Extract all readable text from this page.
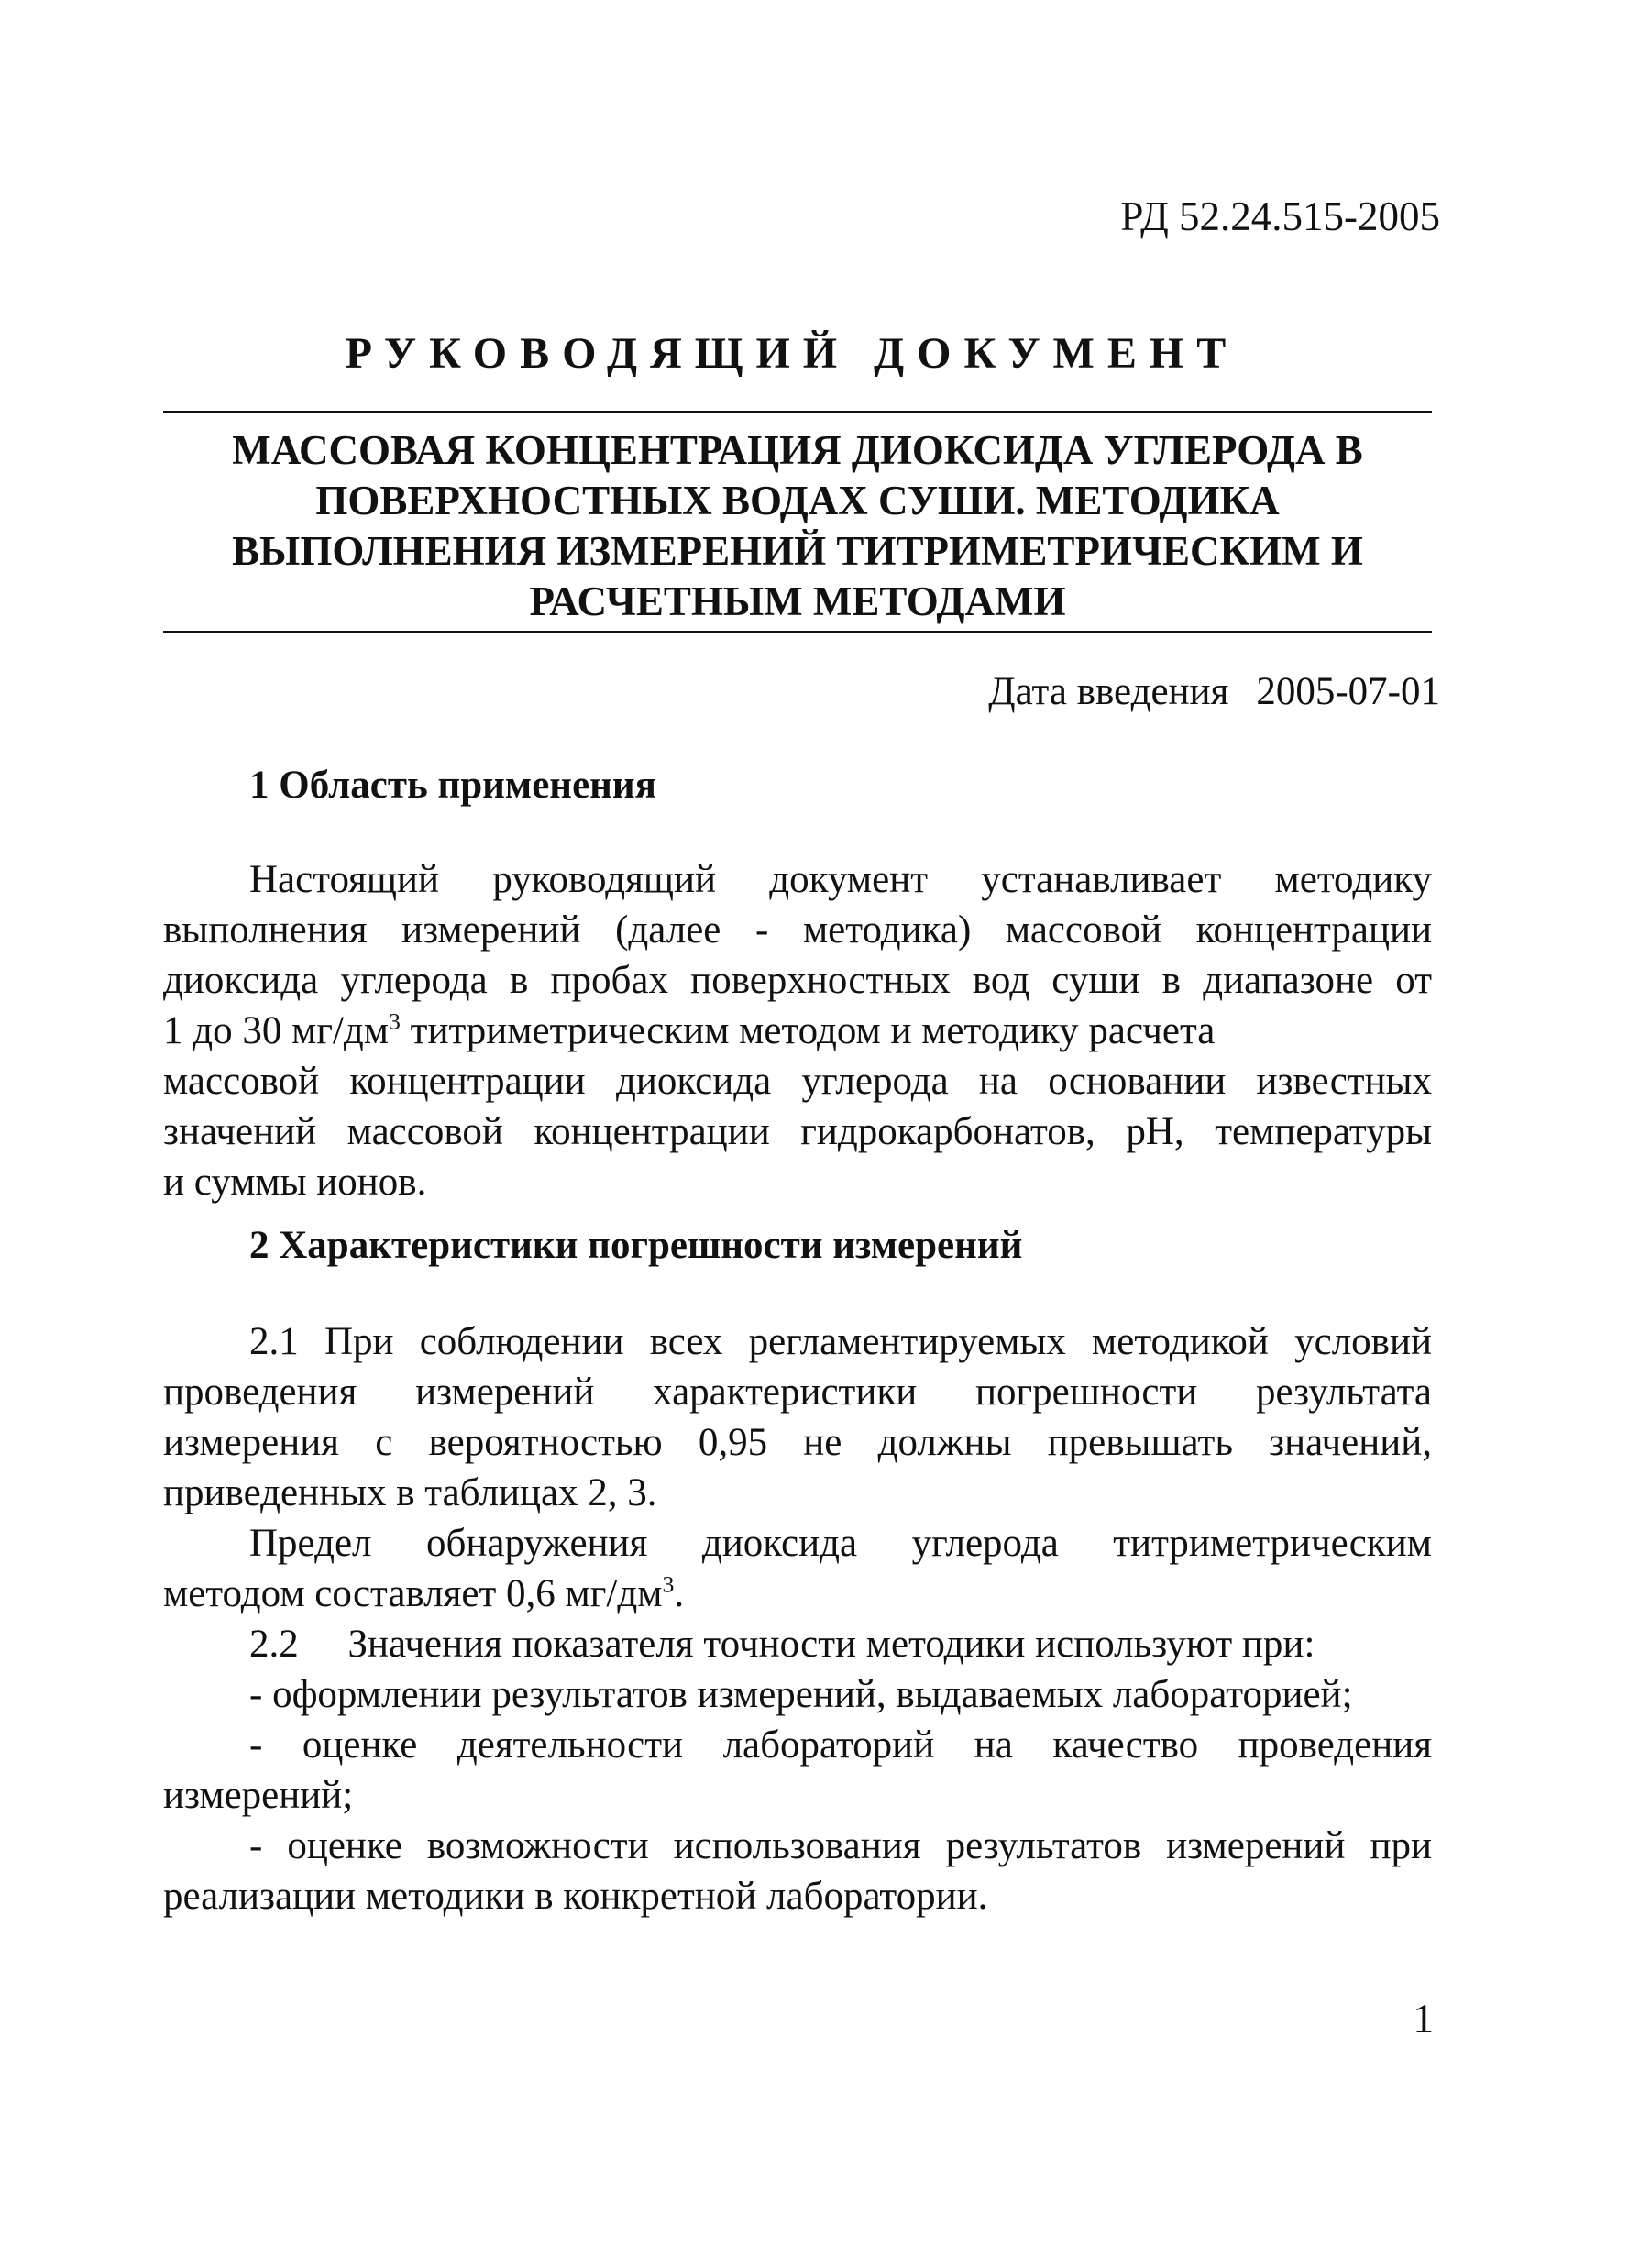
РД 52.24.515-2005
РУКОВОДЯЩИЙ ДОКУМЕНТ
МАССОВАЯ КОНЦЕНТРАЦИЯ ДИОКСИДА УГЛЕРОДА В
ПОВЕРХНОСТНЫХ ВОДАХ СУШИ. МЕТОДИКА
ВЫПОЛНЕНИЯ ИЗМЕРЕНИЙ ТИТРИМЕТРИЧЕСКИМ И
РАСЧЕТНЫМ МЕТОДАМИ
Дата введения 2005-07-01
1 Область применения
Настоящий руководящий документ устанавливает методику
выполнения измерений (далее - методика) массовой концентрации
диоксида углерода в пробах поверхностных вод суши в диапазоне от
1 до 30 $мг/дм^3$ титриметрическим методом и методику расчета
массовой концентрации диоксида углерода на основании известных
значений массовой концентрации гидрокарбонатов, рН, температуры
и суммы ионов.
2 Характеристики погрешности измерений
2.1 При соблюдении всех регламентируемых методикой условий
проведения измерений характеристики погрешности результата
измерения с вероятностью 0,95 не должны превышать значений,
приведенных в таблицах 2, 3.
Предел обнаружения диоксида углерода титриметрическим
методом составляет 0,6 $мг/дм^3$.
2.2     Значения показателя точности методики используют при:
- оформлении результатов измерений, выдаваемых лабораторией;
- оценке деятельности лабораторий на качество проведения
измерений;
- оценке возможности использования результатов измерений при
реализации методики в конкретной лаборатории.
1
